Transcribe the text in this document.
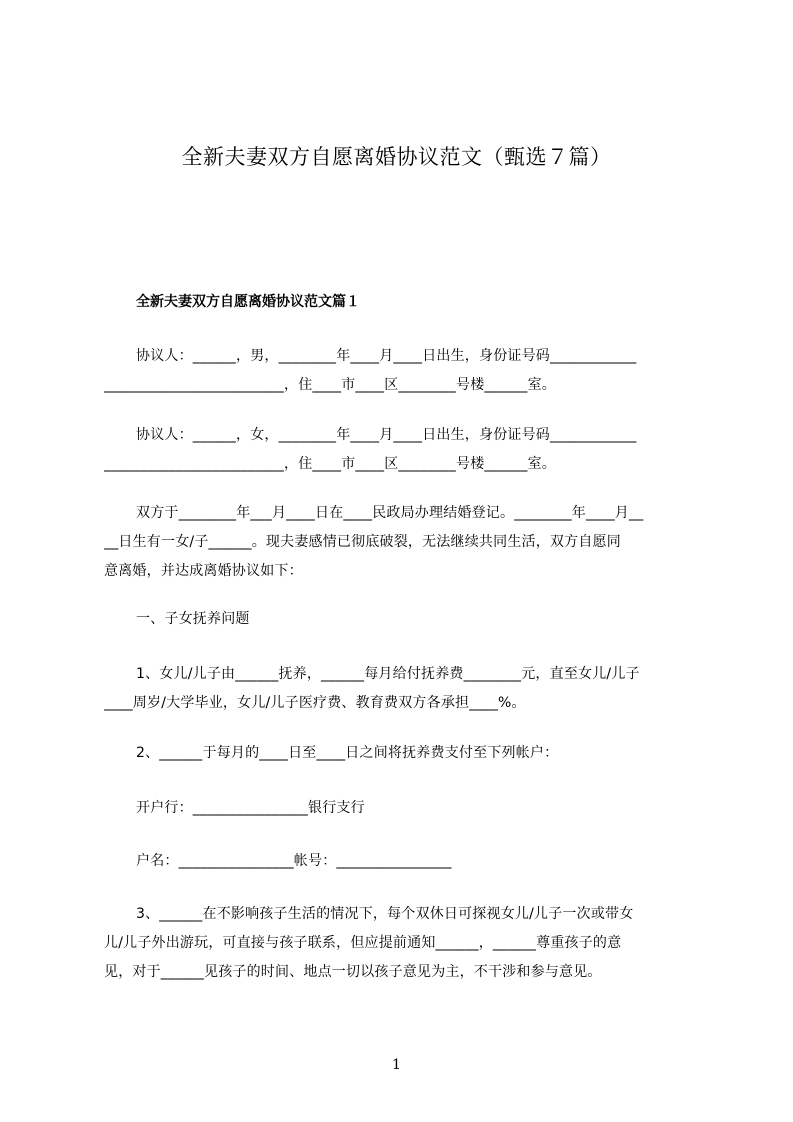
全新夫妻双方自愿离婚协议范文（甄选７篇）
全新夫妻双方自愿离婚协议范文篇１

协议人：______，男，________年____月____日出生，身份证号码____________
_________________________，住____市____区________号楼______室。

协议人：______，女，________年____月____日出生，身份证号码____________
_________________________，住____市____区________号楼______室。

双方于________年___月____日在____民政局办理结婚登记。________年____月__
__日生有一女/子______。现夫妻感情已彻底破裂，无法继续共同生活，双方自愿同
意离婚，并达成离婚协议如下：

一、子女抚养问题

1、女儿/儿子由______抚养，______每月给付抚养费________元，直至女儿/儿子
____周岁/大学毕业，女儿/儿子医疗费、教育费双方各承担____%。

2、______于每月的____日至____日之间将抚养费支付至下列帐户：

开户行：________________银行支行

户名：________________帐号：________________

3、______在不影响孩子生活的情况下，每个双休日可探视女儿/儿子一次或带女
儿/儿子外出游玩，可直接与孩子联系，但应提前通知______，______尊重孩子的意
见，对于______见孩子的时间、地点一切以孩子意见为主，不干涉和参与意见。

1
